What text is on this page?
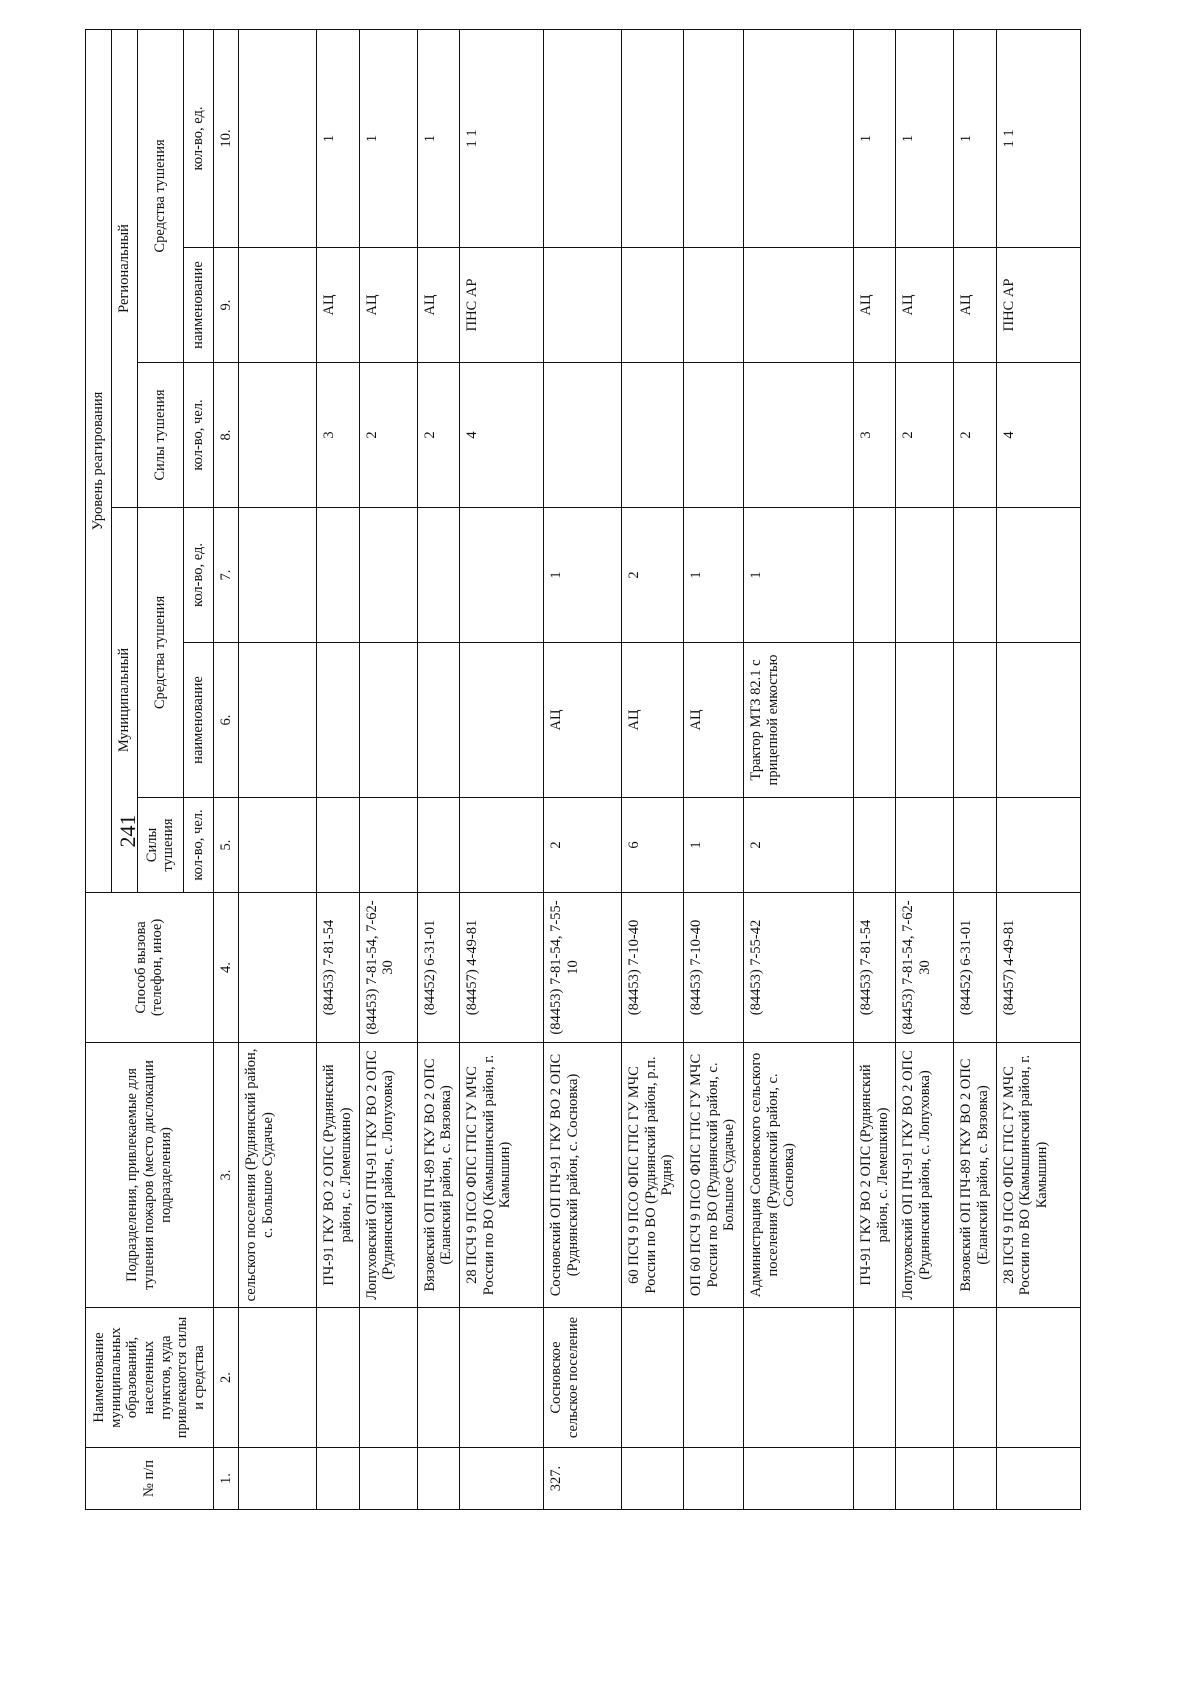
241
№ п/п	Наименование муниципальных образований, населенных пунктов, куда привлекаются силы и средства	Подразделения, привлекаемые для тушения пожаров (место дислокации подразделения)	Способ вызова (телефон, иное)	Уровень реагирования					
				Муниципальный			Региональный		
				Силы тушения	Средства тушения		Силы тушения	Средства тушения	
				кол-во, чел.	наименование	кол-во, ед.	кол-во, чел.	наименование	кол-во, ед.
1.	2.	3.	4.	5.	6.	7.	8.	9.	10.
		сельского поселения (Руднянский район, с. Большое Судачье)							
		ПЧ-91 ГКУ ВО 2 ОПС (Руднянский район, с. Лемешкино)	(84453) 7-81-54				3	АЦ	1
		Лопуховский ОП ПЧ-91 ГКУ ВО 2 ОПС (Руднянский район, с. Лопуховка)	(84453) 7-81-54, 7-62-30				2	АЦ	1
		Вязовский ОП ПЧ-89 ГКУ ВО 2 ОПС (Еланский район, с. Вязовка)	(84452) 6-31-01				2	АЦ	1
		28 ПСЧ 9 ПСО ФПС ГПС ГУ МЧС России по ВО (Камышинский район, г. Камышин)	(84457) 4-49-81				4	ПНС АР	1 1
327.	Сосновское сельское поселение	Сосновский ОП ПЧ-91 ГКУ ВО 2 ОПС (Руднянский район, с. Сосновка)	(84453) 7-81-54, 7-55-10	2	АЦ	1			
		60 ПСЧ 9 ПСО ФПС ГПС ГУ МЧС России по ВО (Руднянский район, р.п. Рудня)	(84453) 7-10-40	6	АЦ	2			
		ОП 60 ПСЧ 9 ПСО ФПС ГПС ГУ МЧС России по ВО (Руднянский район, с. Большое Судачье)	(84453) 7-10-40	1	АЦ	1			
		Администрация Сосновского сельского поселения (Руднянский район, с. Сосновка)	(84453) 7-55-42	2	Трактор МТЗ 82.1 с прицепной емкостью	1			
		ПЧ-91 ГКУ ВО 2 ОПС (Руднянский район, с. Лемешкино)	(84453) 7-81-54				3	АЦ	1
		Лопуховский ОП ПЧ-91 ГКУ ВО 2 ОПС (Руднянский район, с. Лопуховка)	(84453) 7-81-54, 7-62-30				2	АЦ	1
		Вязовский ОП ПЧ-89 ГКУ ВО 2 ОПС (Еланский район, с. Вязовка)	(84452) 6-31-01				2	АЦ	1
		28 ПСЧ 9 ПСО ФПС ГПС ГУ МЧС России по ВО (Камышинский район, г. Камышин)	(84457) 4-49-81				4	ПНС АР	1 1
